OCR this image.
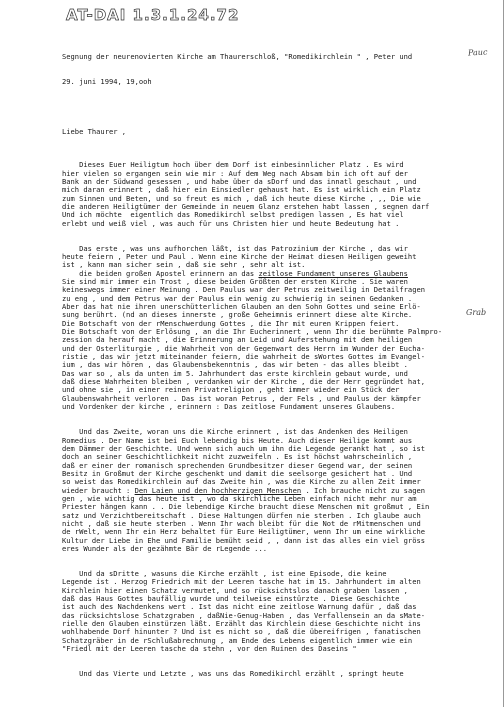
AT-DAI 1.3.1.24.72
Pauc
Grab

Segnung der neurenovierten Kirche am Thaurerschloß, "Romedikirchlein " , Peter und

29. juni 1994, 19,ooh

Liebe Thaurer ,

Dieses Euer Heiligtum hoch über dem Dorf ist einbesinnlicher Platz . Es wird
hier vielen so ergangen sein wie mir : Auf dem Weg nach Absam bin ich oft auf der
Bank an der Südwand gesessen , und habe über da sDorf und das innatl geschaut , und
mich daran erinnert , daß hier ein Einsiedler gehaust hat. Es ist wirklich ein Platz
zum Sinnen und Beten, und so freut es mich , daß ich heute diese Kirche , ,, Die wie
die anderen Heiligtümer der Gemeinde in neuem Glanz erstehen habt lassen , segnen darf
Und ich möchte  eigentlich das Romedikirchl selbst predigen lassen , Es hat viel
erlebt und weiß viel , was auch für uns Christen hier und heute Bedeutung hat .
Das erste , was uns aufhorchen läßt, ist das Patrozinium der Kirche , das wir
heute feiern , Peter und Paul . Wenn eine Kirche der Heimat diesen Heiligen geweiht
ist , kann man sicher sein , daß sie sehr , sehr alt ist.
die beiden großen Apostel erinnern an das zeitlose Fundament unseres Glaubens
Sie sind mir immer ein Trost , diese beiden Größten der ersten Kirche . Sie waren
keineswegs immer einer Meinung . Den Paulus war der Petrus zeitweilig in Detailfragen
zu eng , und dem Petrus war der Paulus ein wenig zu schwierig in seinen Gedanken .
Aber das hat nie ihren unerschütterlichen Glauben an den Sohn Gottes und seine Erlö-
sung berührt. (nd an dieses innerste , große Geheimnis erinnert diese alte Kirche.
Die Botschaft von der rMenschwerdung Gottes , die Ihr mit euren Krippen feiert.
Die Botschaft von der Erlösung , an die Ihr Eucherinnert , wenn Ihr die berühmte Palmpro-
zession da herauf macht , die Erinnerung an Leid und Auferstehung mit dem heiligen
und der Osterliturgie , die Wahrheit von der Gegenwart des Herrn im Wunder der Eucha-
ristie , das wir jetzt miteinander feiern, die wahrheit de sWortes Gottes im Evangel-
ium , das wir hören , das Glaubensbekenntnis , das wir beten - das alles bleibt .
Das war so , als da unten im 5. Jahrhundert das erste kirchlein gebaut wurde, und
daß diese Wahrheiten bleiben , verdanken wir der Kirche , die der Herr gegründet hat,
und ohne sie , in einer reinen Privatreligion , geht immer wieder ein Stück der
Glaubenswahrheit verloren . Das ist woran Petrus , der Fels , und Paulus der kämpfer
und Vordenker der kirche , erinnern : Das zeitlose Fundament unseres Glaubens.
Und das Zweite, woran uns die Kirche erinnert , ist das Andenken des Heiligen
Romedius . Der Name ist bei Euch lebendig bis Heute. Auch dieser Heilige kommt aus
dem Dämmer der Geschichte. Und wenn sich auch um ihn die Legende gerankt hat , so ist
doch an seiner Geschichtlichkeit nicht zuzweifeln . Es ist höchst wahrscheinlich ,
daß er einer der romanisch sprechenden Grundbesitzer dieser Gegend war, der seinen
Besitz in Großmut der Kirche geschenkt und damit die seelsorge gesichert hat . Und
so weist das Romedikirchlein auf das Zweite hin , was die Kirche zu allen Zeit immer
wieder braucht : Den Laien und den hochherzigen Menschen . Ich brauche nicht zu sagen
gen , wie wichtig das heute ist , wo da skirchliche Leben einfach nicht mehr nur am
Priester hängen kann . . Die lebendige Kirche braucht diese Menschen mit großmut , Ein
satz und Verzichtbereitschaft . Diese Haltungen dürfen nie sterben . Ich glaube auch
nicht , daß sie heute sterben . Wenn Ihr wach bleibt für die Not de rMitmenschen und
de rWelt, wenn Ihr ein Herz behaltet für Eure Heiligtümer, wenn Ihr um eine wirkliche
Kultur der Liebe in Ehe und Familie bemüht seid , , dann ist das alles ein viel gröss
eres Wunder als der gezähmte Bär de rLegende ...
Und da sDritte , wasuns die Kirche erzählt , ist eine Episode, die keine
Legende ist . Herzog Friedrich mit der Leeren tasche hat im 15. Jahrhundert im alten
Kirchlein hier einen Schatz vermutet, und so rücksichtslos danach graben lassen ,
daß das Haus Gottes baufällig wurde und teilweise einstürzte . Diese Geschichte
ist auch des Nachdenkens wert . Ist das nicht eine zeitlose Warnung dafür , daß das
das rücksichtslose Schatzgraben , daßNie-Genug-Haben , das Verfallensein an da sMate-
rielle den Glauben einstürzen läßt. Erzählt das Kirchlein diese Geschichte nicht ins
wohlhabende Dorf hinunter ? Und ist es nicht so , daß die übereifrigen , fanatischen
Schatzgräber in de rSchlußabrechnung , am Ende des Lebens eigentlich immer wie ein
"Friedl mit der Leeren tasche da stehn , vor den Ruinen des Daseins "
Und das Vierte und Letzte , was uns das Romedikirchl erzählt , springt heute
